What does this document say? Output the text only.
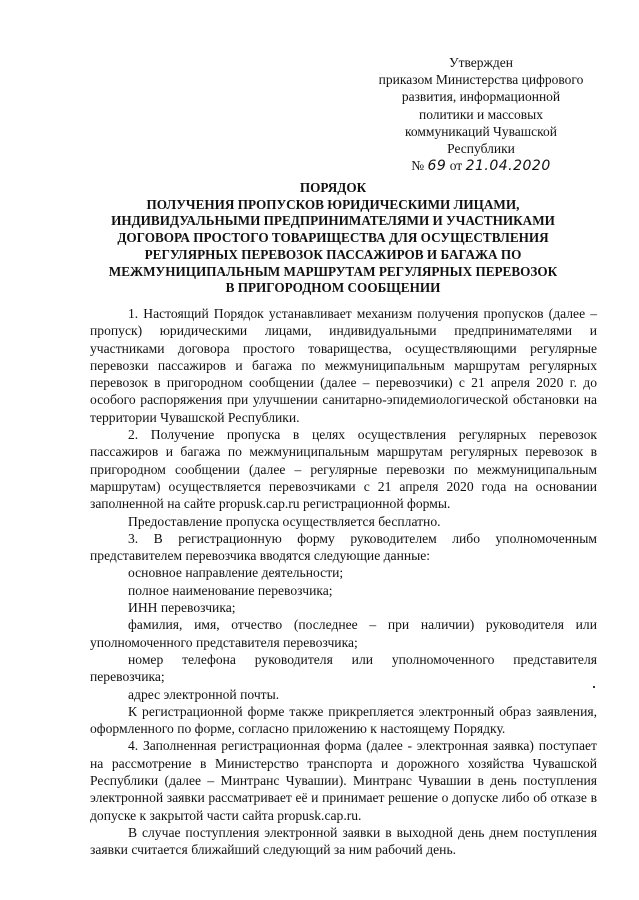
Утвержден
приказом Министерства цифрового
развития, информационной
политики и массовых
коммуникаций Чувашской
Республики
№ 69 от 21.04.2020
ПОРЯДОК
ПОЛУЧЕНИЯ ПРОПУСКОВ ЮРИДИЧЕСКИМИ ЛИЦАМИ,
ИНДИВИДУАЛЬНЫМИ ПРЕДПРИНИМАТЕЛЯМИ И УЧАСТНИКАМИ
ДОГОВОРА ПРОСТОГО ТОВАРИЩЕСТВА ДЛЯ ОСУЩЕСТВЛЕНИЯ
РЕГУЛЯРНЫХ ПЕРЕВОЗОК ПАССАЖИРОВ И БАГАЖА ПО
МЕЖМУНИЦИПАЛЬНЫМ МАРШРУТАМ РЕГУЛЯРНЫХ ПЕРЕВОЗОК
В ПРИГОРОДНОМ СООБЩЕНИИ

1. Настоящий Порядок устанавливает механизм получения пропусков (далее – пропуск) юридическими лицами, индивидуальными предпринимателями и участниками договора простого товарищества, осуществляющими регулярные перевозки пассажиров и багажа по межмуниципальным маршрутам регулярных перевозок в пригородном сообщении (далее – перевозчики) с 21 апреля 2020 г. до особого распоряжения при улучшении санитарно-эпидемиологической обстановки на территории Чувашской Республики.

2. Получение пропуска в целях осуществления регулярных перевозок пассажиров и багажа по межмуниципальным маршрутам регулярных перевозок в пригородном сообщении (далее – регулярные перевозки по межмуниципальным маршрутам) осуществляется перевозчиками с 21 апреля 2020 года на основании заполненной на сайте propusk.cap.ru регистрационной формы.

Предоставление пропуска осуществляется бесплатно.

3. В регистрационную форму руководителем либо уполномоченным представителем перевозчика вводятся следующие данные:

основное направление деятельности;

полное наименование перевозчика;

ИНН перевозчика;

фамилия, имя, отчество (последнее – при наличии) руководителя или уполномоченного представителя перевозчика;

номер телефона руководителя или уполномоченного представителя перевозчика;

адрес электронной почты.

К регистрационной форме также прикрепляется электронный образ заявления, оформленного по форме, согласно приложению к настоящему Порядку.

4. Заполненная регистрационная форма (далее - электронная заявка) поступает на рассмотрение в Министерство транспорта и дорожного хозяйства Чувашской Республики (далее – Минтранс Чувашии). Минтранс Чувашии в день поступления электронной заявки рассматривает её и принимает решение о допуске либо об отказе в допуске к закрытой части сайта propusk.cap.ru.

В случае поступления электронной заявки в выходной день днем поступления заявки считается ближайший следующий за ним рабочий день.
